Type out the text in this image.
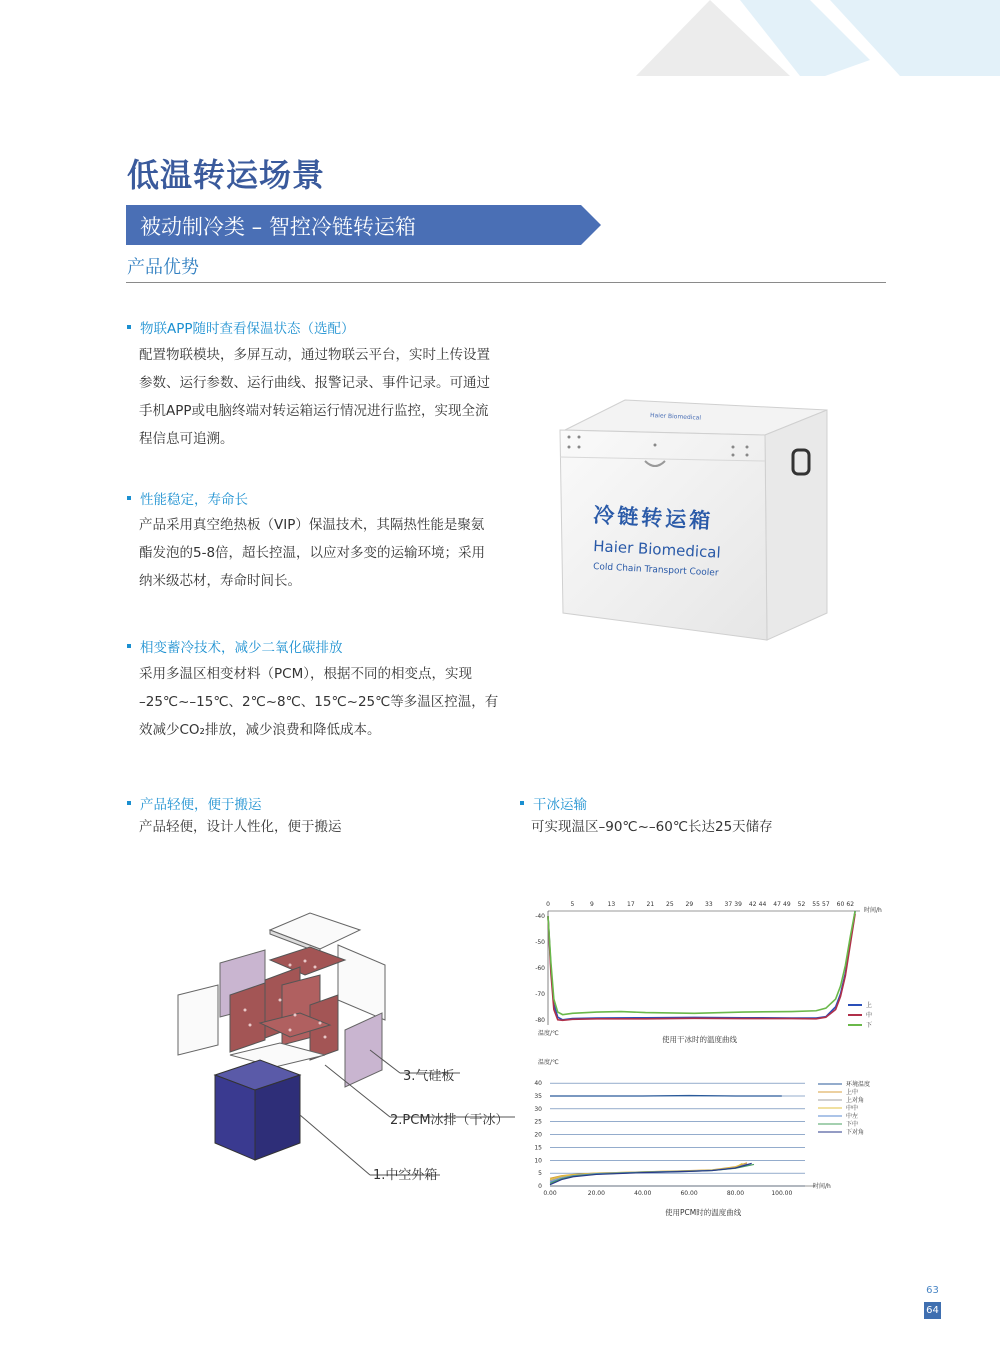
低温转运场景
被动制冷类 – 智控冷链转运箱
产品优势
物联APP随时查看保温状态（选配）
配置物联模块，多屏互动，通过物联云平台，实时上传设置
参数、运行参数、运行曲线、报警记录、事件记录。可通过
手机APP或电脑终端对转运箱运行情况进行监控，实现全流
程信息可追溯。
性能稳定，寿命长
产品采用真空绝热板（VIP）保温技术，其隔热性能是聚氨
酯发泡的5-8倍，超长控温，以应对多变的运输环境；采用
纳米级芯材，寿命时间长。
相变蓄冷技术，减少二氧化碳排放
采用多温区相变材料（PCM），根据不同的相变点，实现
–25℃~–15℃、2℃~8℃、15℃~25℃等多温区控温，有
效减少CO₂排放，减少浪费和降低成本。
产品轻便，便于搬运
产品轻便，设计人性化，便于搬运
干冰运输
可实现温区–90℃~–60℃长达25天储存
Haier Biomedical
冷链转运箱
Haier Biomedical
Cold Chain Transport Cooler
3.气硅板
2.PCM冰排（干冰）
1.中空外箱
0	5	9 13 17 21 25 29 33 37 39 42 44 47 49 52 55 57 60 62
-40
-50
-60
-70
-80
时间/h
温度/℃
上
中
下
使用干冰时的温度曲线
温度/℃
0
5
10
15
20
25
30
35
40
0.00	20.00	40.00	60.00	80.00	100.00
时间/h
环境温度
上中
上对角
中中
中左
下中
下对角
使用PCM时的温度曲线
63
64
